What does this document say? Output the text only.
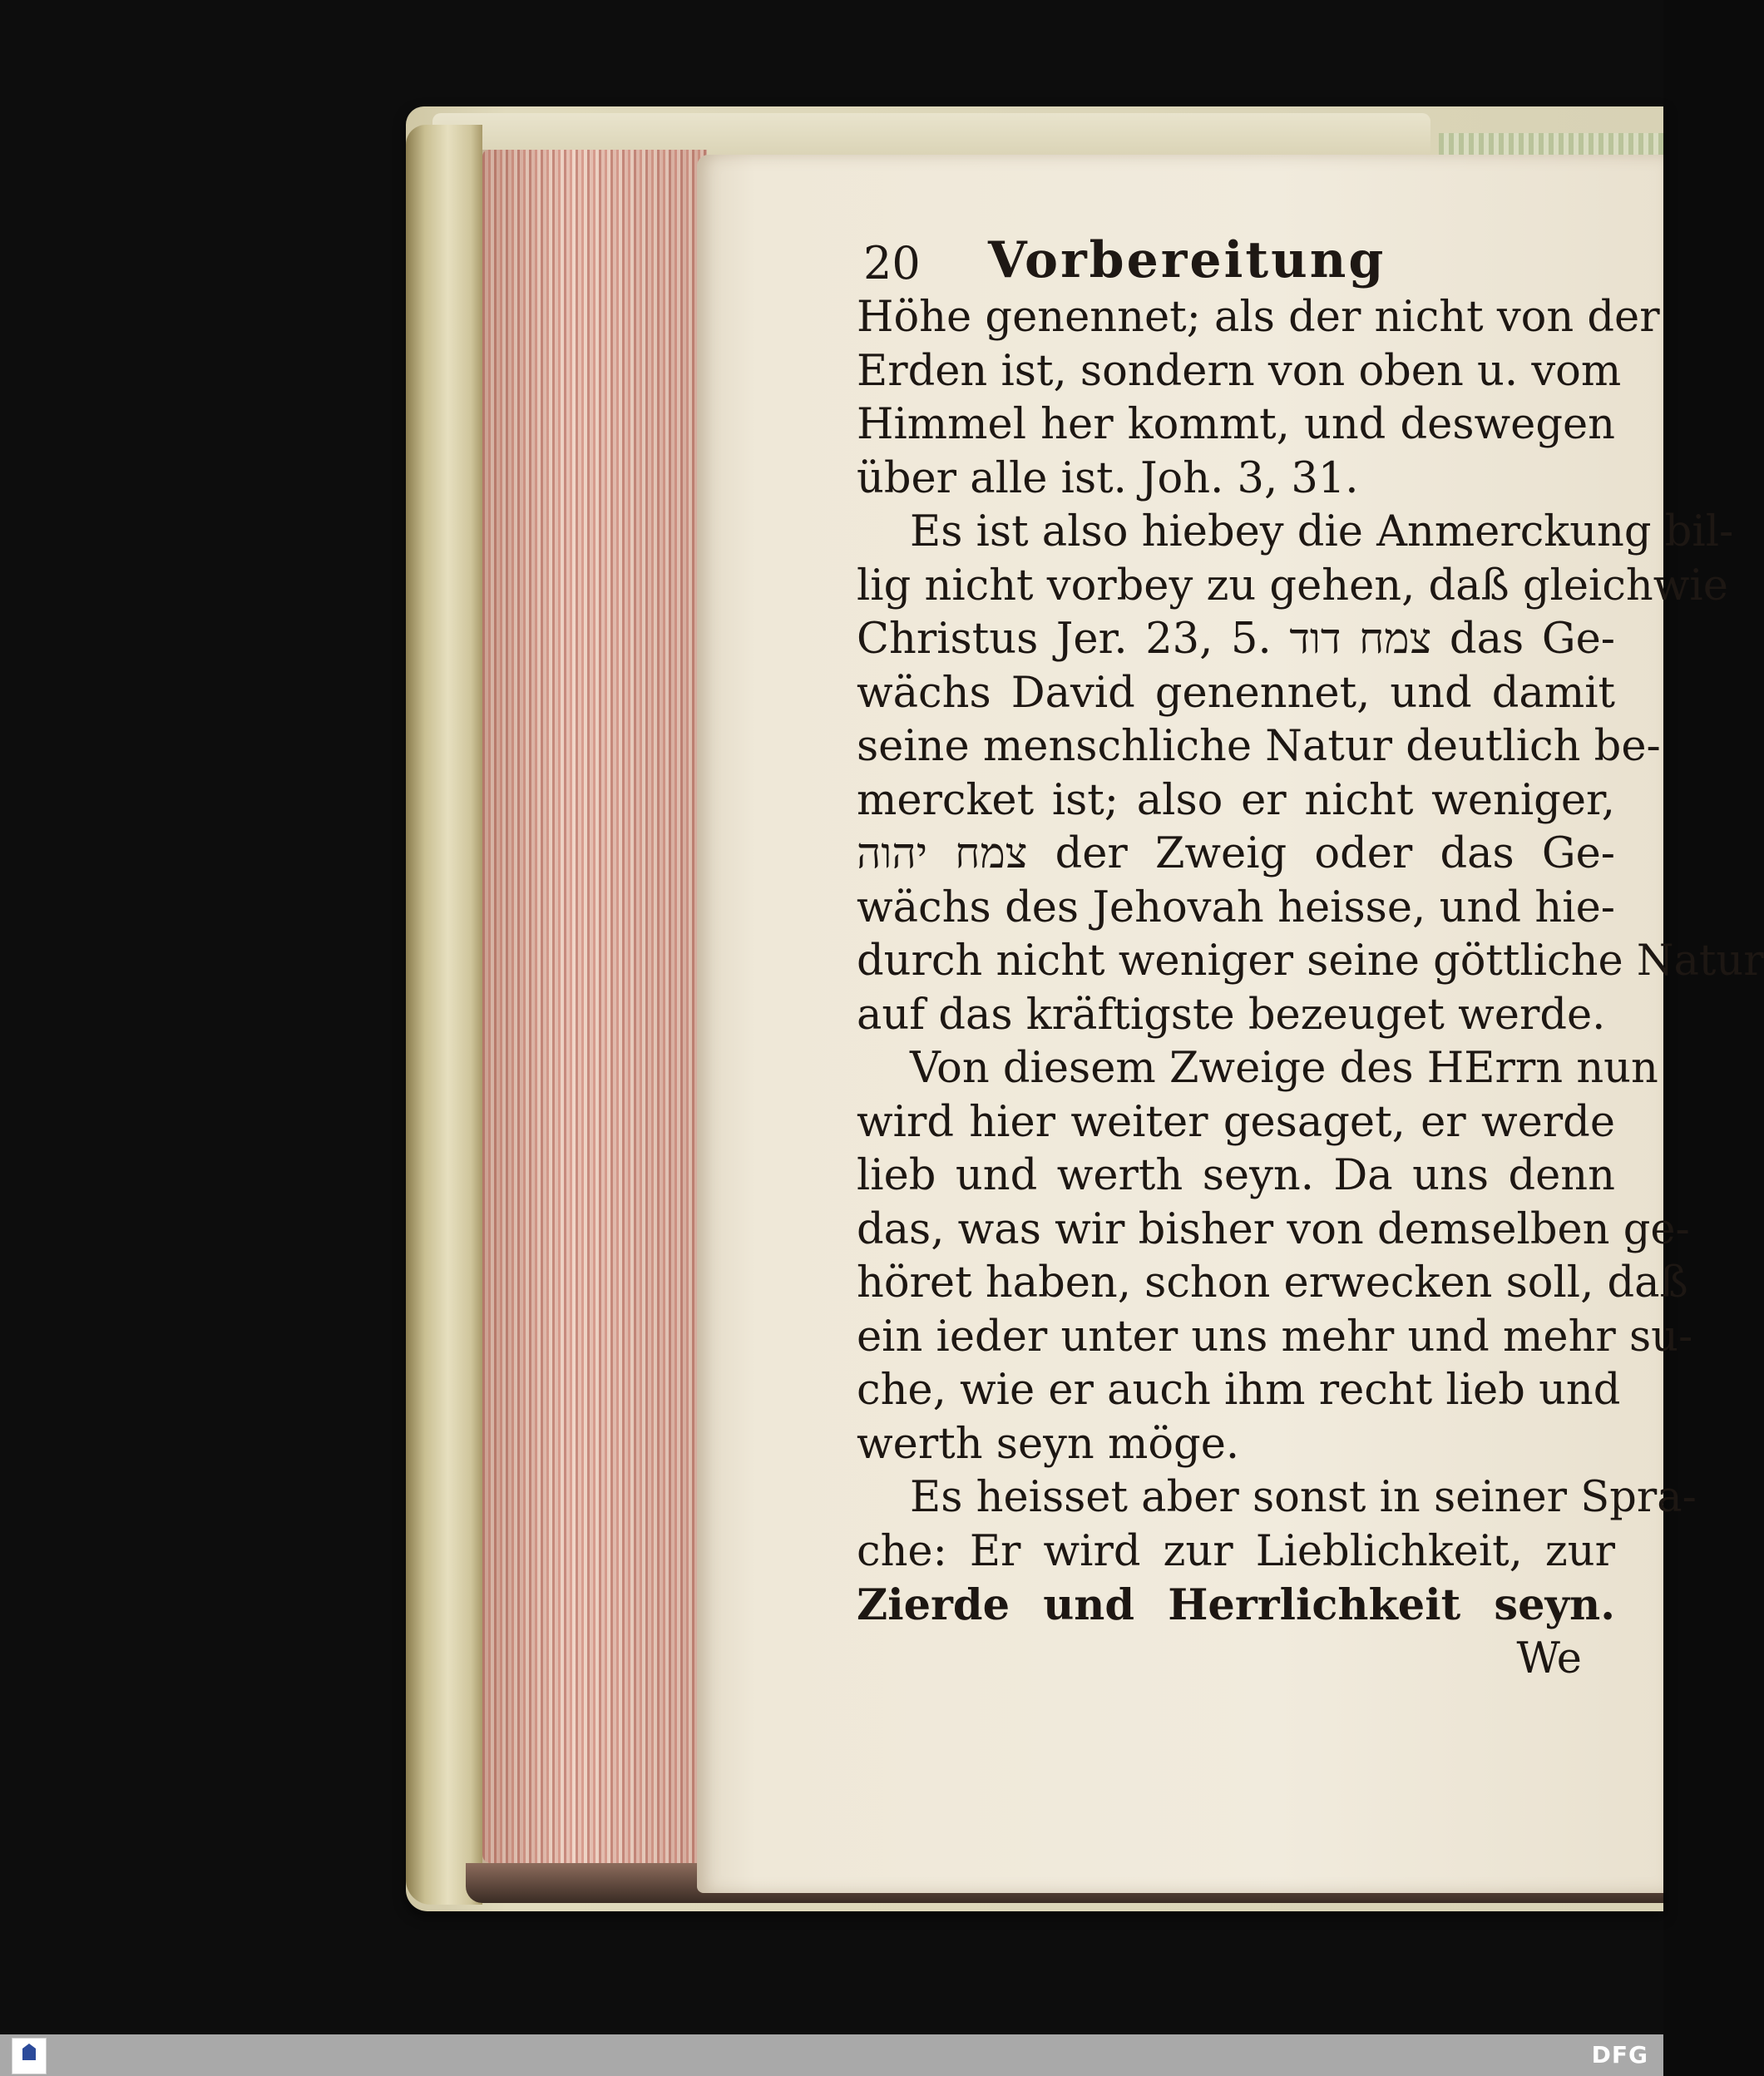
20	Vorbereitung
Höhe genennet; als der nicht von der
Erden ist, sondern von oben u. vom
Himmel her kommt, und deswegen
über alle ist. Joh. 3, 31.
Es ist also hiebey die Anmerckung bil-
lig nicht vorbey zu gehen, daß gleichwie
Christus Jer. 23, 5. צמח דוד das Ge-
wächs David genennet, und damit
seine menschliche Natur deutlich be-
mercket ist; also er nicht weniger,
צמח יהוה der Zweig oder das Ge-
wächs des Jehovah heisse, und hie-
durch nicht weniger seine göttliche Natur
auf das kräftigste bezeuget werde.
Von diesem Zweige des HErrn nun
wird hier weiter gesaget, er werde
lieb und werth seyn. Da uns denn
das, was wir bisher von demselben ge-
höret haben, schon erwecken soll, daß
ein ieder unter uns mehr und mehr su-
che, wie er auch ihm recht lieb und
werth seyn möge.
Es heisset aber sonst in seiner Spra-
che: Er wird zur Lieblichkeit, zur
Zierde und Herrlichkeit seyn.
We
DFG
